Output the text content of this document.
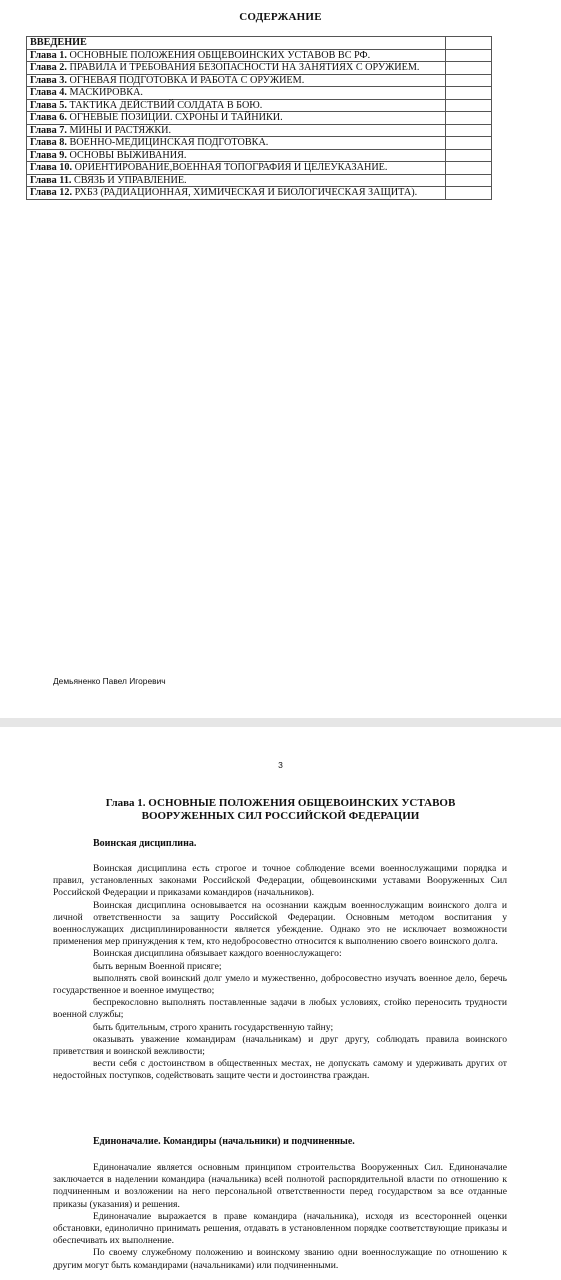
СОДЕРЖАНИЕ
ВВЕДЕНИЕ	
Глава 1. ОСНОВНЫЕ ПОЛОЖЕНИЯ ОБЩЕВОИНСКИХ УСТАВОВ ВС РФ.	
Глава 2. ПРАВИЛА И ТРЕБОВАНИЯ БЕЗОПАСНОСТИ НА ЗАНЯТИЯХ С ОРУЖИЕМ.	
Глава 3. ОГНЕВАЯ ПОДГОТОВКА И РАБОТА С ОРУЖИЕМ.	
Глава 4. МАСКИРОВКА.	
Глава 5. ТАКТИКА ДЕЙСТВИЙ СОЛДАТА В БОЮ.	
Глава 6. ОГНЕВЫЕ ПОЗИЦИИ. СХРОНЫ И ТАЙНИКИ.	
Глава 7. МИНЫ И РАСТЯЖКИ.	
Глава 8. ВОЕННО-МЕДИЦИНСКАЯ ПОДГОТОВКА.	
Глава 9. ОСНОВЫ ВЫЖИВАНИЯ.	
Глава 10. ОРИЕНТИРОВАНИЕ,ВОЕННАЯ ТОПОГРАФИЯ И ЦЕЛЕУКАЗАНИЕ.	
Глава 11. СВЯЗЬ И УПРАВЛЕНИЕ.	
Глава 12. РХБЗ (РАДИАЦИОННАЯ, ХИМИЧЕСКАЯ И БИОЛОГИЧЕСКАЯ ЗАЩИТА).	
Демьяненко Павел Игоревич
3
Глава 1. ОСНОВНЫЕ ПОЛОЖЕНИЯ ОБЩЕВОИНСКИХ УСТАВОВ
ВООРУЖЕННЫХ СИЛ РОССИЙСКОЙ ФЕДЕРАЦИИ
Воинская дисциплина.

Воинская дисциплина есть строгое и точное соблюдение всеми военнослужащими порядка и правил, установленных законами Российской Федерации, общевоинскими уставами Вооруженных Сил Российской Федерации и приказами командиров (начальников).

Воинская дисциплина основывается на осознании каждым военнослужащим воинского долга и личной ответственности за защиту Российской Федерации. Основным методом воспитания у военнослужащих дисциплинированности является убеждение. Однако это не исключает возможности применения мер принуждения к тем, кто недобросовестно относится к выполнению своего воинского долга.

Воинская дисциплина обязывает каждого военнослужащего:

быть верным Военной присяге;

выполнять свой воинский долг умело и мужественно, добросовестно изучать военное дело, беречь государственное и военное имущество;

беспрекословно выполнять поставленные задачи в любых условиях, стойко переносить трудности военной службы;

быть бдительным, строго хранить государственную тайну;

оказывать уважение командирам (начальникам) и друг другу, соблюдать правила воинского приветствия и воинской вежливости;

вести себя с достоинством в общественных местах, не допускать самому и удерживать других от недостойных поступков, содействовать защите чести и достоинства граждан.

Единоначалие. Командиры (начальники) и подчиненные.

Единоначалие является основным принципом строительства Вооруженных Сил. Единоначалие заключается в наделении командира (начальника) всей полнотой распорядительной власти по отношению к подчиненным и возложении на него персональной ответственности перед государством за все отданные приказы (указания) и решения.

Единоначалие выражается в праве командира (начальника), исходя из всесторонней оценки обстановки, единолично принимать решения, отдавать в установленном порядке соответствующие приказы и обеспечивать их выполнение.

По своему служебному положению и воинскому званию одни военнослужащие по отношению к другим могут быть командирами (начальниками) или подчиненными.
